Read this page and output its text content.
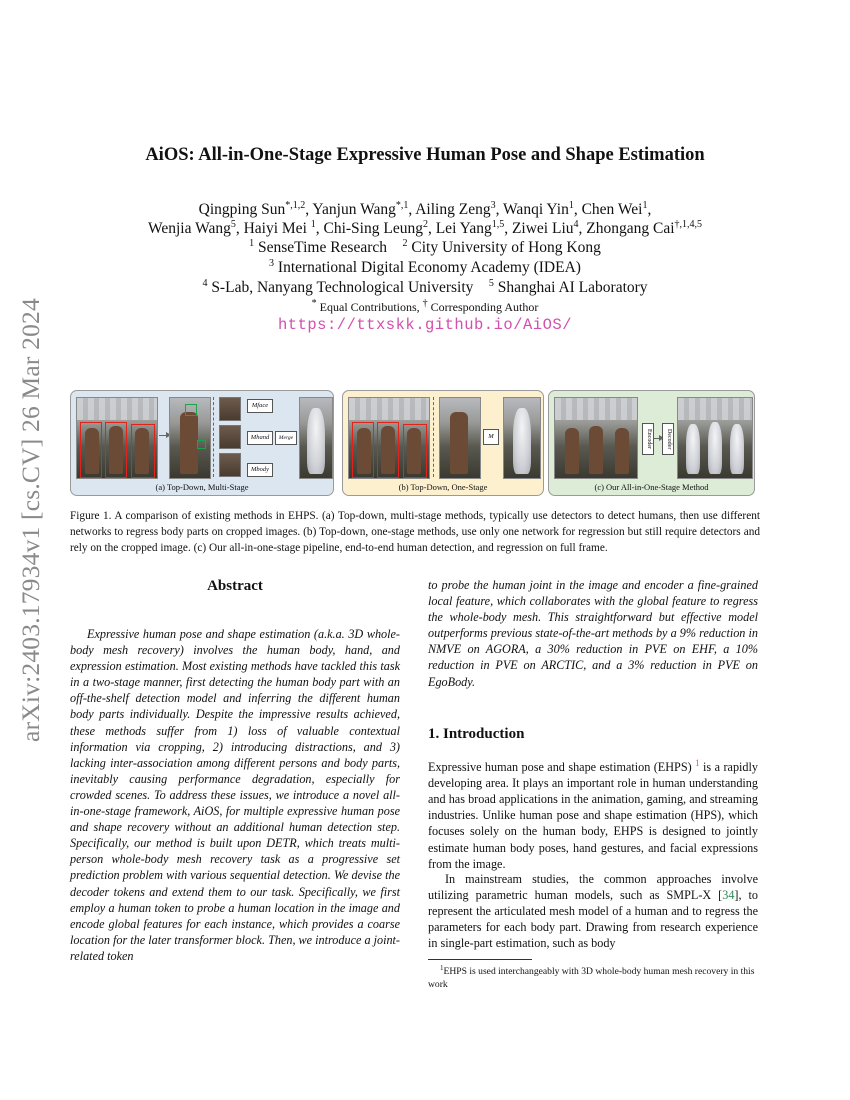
arXiv:2403.17934v1 [cs.CV] 26 Mar 2024
AiOS: All-in-One-Stage Expressive Human Pose and Shape Estimation
Qingping Sun$^{*,1,2}$, Yanjun Wang$^{*,1}$, Ailing Zeng$^3$, Wanqi Yin$^1$, Chen Wei$^1$,
Wenjia Wang$^5$, Haiyi Mei $^1$, Chi-Sing Leung$^2$, Lei Yang$^{1,5}$, Ziwei Liu$^4$, Zhongang Cai$^{\dagger,1,4,5}$
$^1$ SenseTime Research    $^2$ City University of Hong Kong
$^3$ International Digital Economy Academy (IDEA)
$^4$ S-Lab, Nanyang Technological University    $^5$ Shanghai AI Laboratory
* Equal Contributions, † Corresponding Author
https://ttxskk.github.io/AiOS/
Mface
Mhand
Mbody
Merge
(a) Top-Down, Multi-Stage
M
(b) Top-Down, One-Stage
Encoder	Decoder
(c) Our All-in-One-Stage Method
Figure 1. A comparison of existing methods in EHPS. (a) Top-down, multi-stage methods, typically use detectors to detect humans, then use different networks to regress body parts on cropped images. (b) Top-down, one-stage methods, use only one network for regression but still require detectors and rely on the cropped image. (c) Our all-in-one-stage pipeline, end-to-end human detection, and regression on full frame.
Abstract
Expressive human pose and shape estimation (a.k.a. 3D whole-body mesh recovery) involves the human body, hand, and expression estimation. Most existing methods have tackled this task in a two-stage manner, first detecting the human body part with an off-the-shelf detection model and inferring the different human body parts individually. Despite the impressive results achieved, these methods suffer from 1) loss of valuable contextual information via cropping, 2) introducing distractions, and 3) lacking inter-association among different persons and body parts, inevitably causing performance degradation, especially for crowded scenes. To address these issues, we introduce a novel all-in-one-stage framework, AiOS, for multiple expressive human pose and shape recovery without an additional human detection step. Specifically, our method is built upon DETR, which treats multi-person whole-body mesh recovery task as a progressive set prediction problem with various sequential detection. We devise the decoder tokens and extend them to our task. Specifically, we first employ a human token to probe a human location in the image and encode global features for each instance, which provides a coarse location for the later transformer block. Then, we introduce a joint-related token
to probe the human joint in the image and encoder a fine-grained local feature, which collaborates with the global feature to regress the whole-body mesh. This straightforward but effective model outperforms previous state-of-the-art methods by a 9% reduction in NMVE on AGORA, a 30% reduction in PVE on EHF, a 10% reduction in PVE on ARCTIC, and a 3% reduction in PVE on EgoBody.
1. Introduction
Expressive human pose and shape estimation (EHPS) $^1$ is a rapidly developing area. It plays an important role in human understanding and has broad applications in the animation, gaming, and streaming industries. Unlike human pose and shape estimation (HPS), which focuses solely on the human body, EHPS is designed to jointly estimate human body poses, hand gestures, and facial expressions from the image.
In mainstream studies, the common approaches involve utilizing parametric human models, such as SMPL-X [34], to represent the articulated mesh model of a human and to regress the parameters for each body part. Drawing from research experience in single-part estimation, such as body
$^1$EHPS is used interchangeably with 3D whole-body human mesh recovery in this work
